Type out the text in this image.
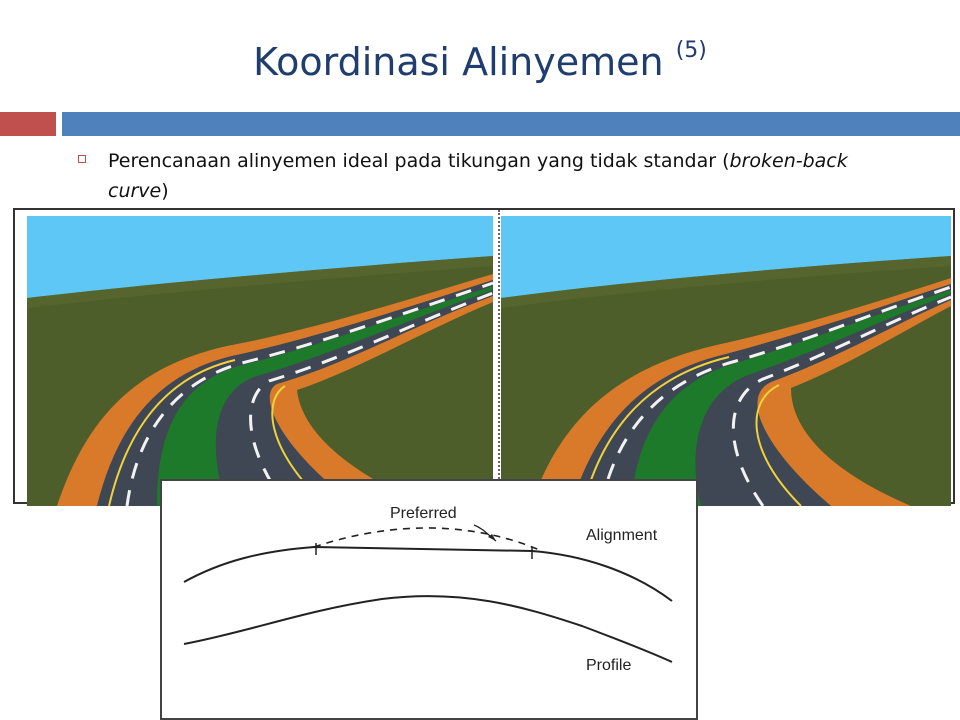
Koordinasi Alinyemen $^{(5)}$
Perencanaan alinyemen ideal pada tikungan yang tidak standar (broken-back curve)
Preferred
Alignment
Profile
